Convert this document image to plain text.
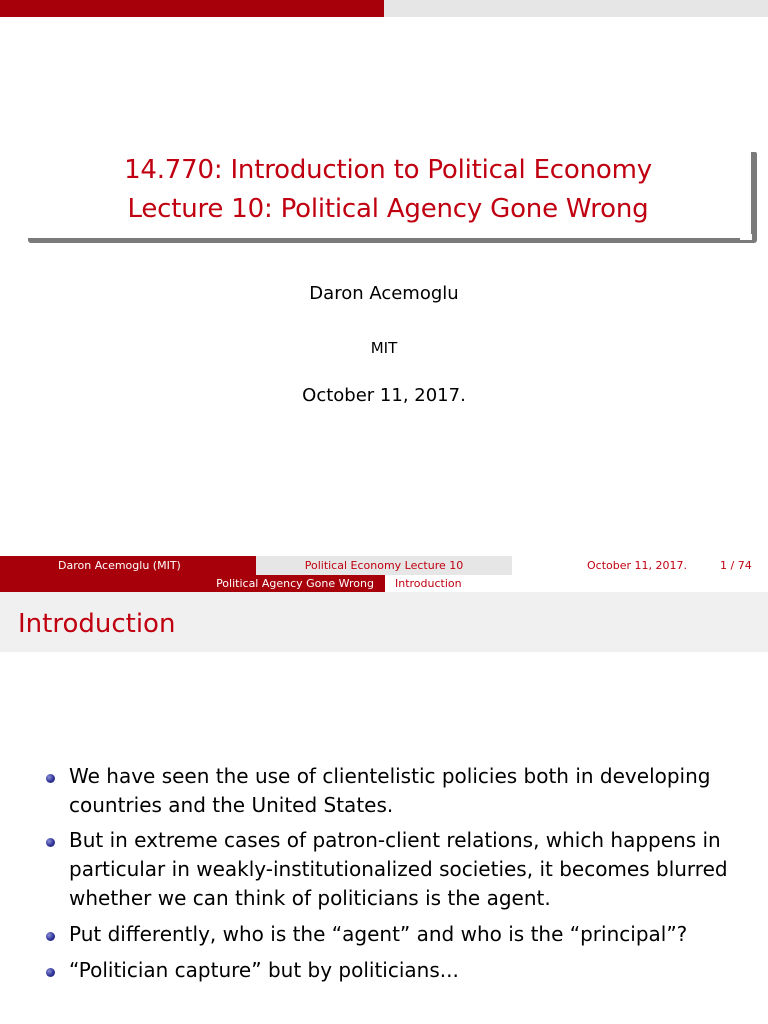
14.770: Introduction to Political Economy
Lecture 10: Political Agency Gone Wrong
Daron Acemoglu
MIT
October 11, 2017.
Daron Acemoglu (MIT)	Political Economy Lecture 10	October 11, 2017.	1 / 74
Political Agency Gone Wrong	Introduction
Introduction
We have seen the use of clientelistic policies both in developing countries and the United States.
But in extreme cases of patron-client relations, which happens in particular in weakly-institutionalized societies, it becomes blurred whether we can think of politicians is the agent.
Put differently, who is the “agent” and who is the “principal”?
“Politician capture” but by politicians...
